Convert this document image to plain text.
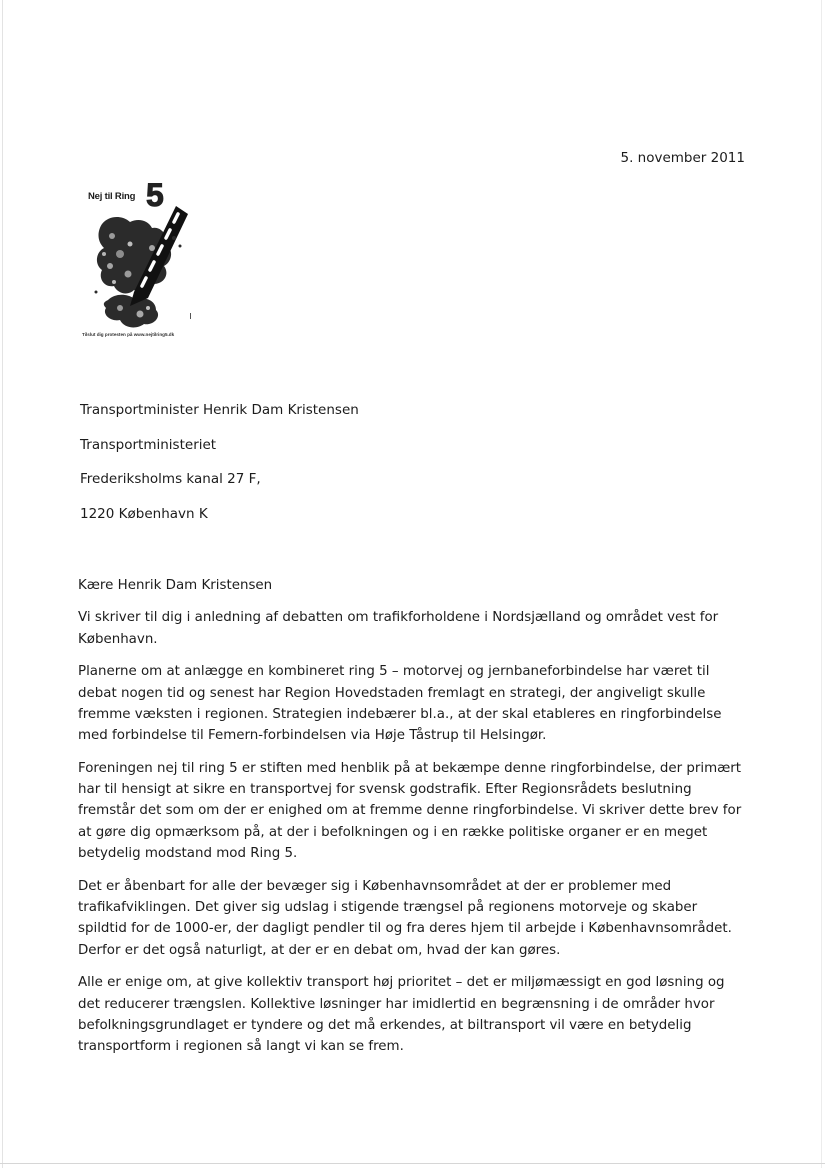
5. november 2011
Nej til Ring 5
Tilslut dig protesten på www.nejtilring5.dk
Transportminister Henrik Dam Kristensen
Transportministeriet
Frederiksholms kanal 27 F,
1220 København K
Kære Henrik Dam Kristensen

Vi skriver til dig i anledning af debatten om trafikforholdene i Nordsjælland og området vest for København.

Planerne om at anlægge en kombineret ring 5 – motorvej og jernbaneforbindelse har været til debat nogen tid og senest har Region Hovedstaden fremlagt en strategi, der angiveligt skulle fremme væksten i regionen. Strategien indebærer bl.a., at der skal etableres en ringforbindelse med forbindelse til Femern-forbindelsen via Høje Tåstrup til Helsingør.

Foreningen nej til ring 5 er stiften med henblik på at bekæmpe denne ringforbindelse, der primært har til hensigt at sikre en transportvej for svensk godstrafik. Efter Regionsrådets beslutning fremstår det som om der er enighed om at fremme denne ringforbindelse. Vi skriver dette brev for at gøre dig opmærksom på, at der i befolkningen og i en række politiske organer er en meget betydelig modstand mod Ring 5.

Det er åbenbart for alle der bevæger sig i Københavnsområdet at der er problemer med trafikafviklingen. Det giver sig udslag i stigende trængsel på regionens motorveje og skaber spildtid for de 1000-er, der dagligt pendler til og fra deres hjem til arbejde i Københavnsområdet. Derfor er det også naturligt, at der er en debat om, hvad der kan gøres.

Alle er enige om, at give kollektiv transport høj prioritet – det er miljømæssigt en god løsning og det reducerer trængslen. Kollektive løsninger har imidlertid en begrænsning i de områder hvor befolkningsgrundlaget er tyndere og det må erkendes, at biltransport vil være en betydelig transportform i regionen så langt vi kan se frem.
